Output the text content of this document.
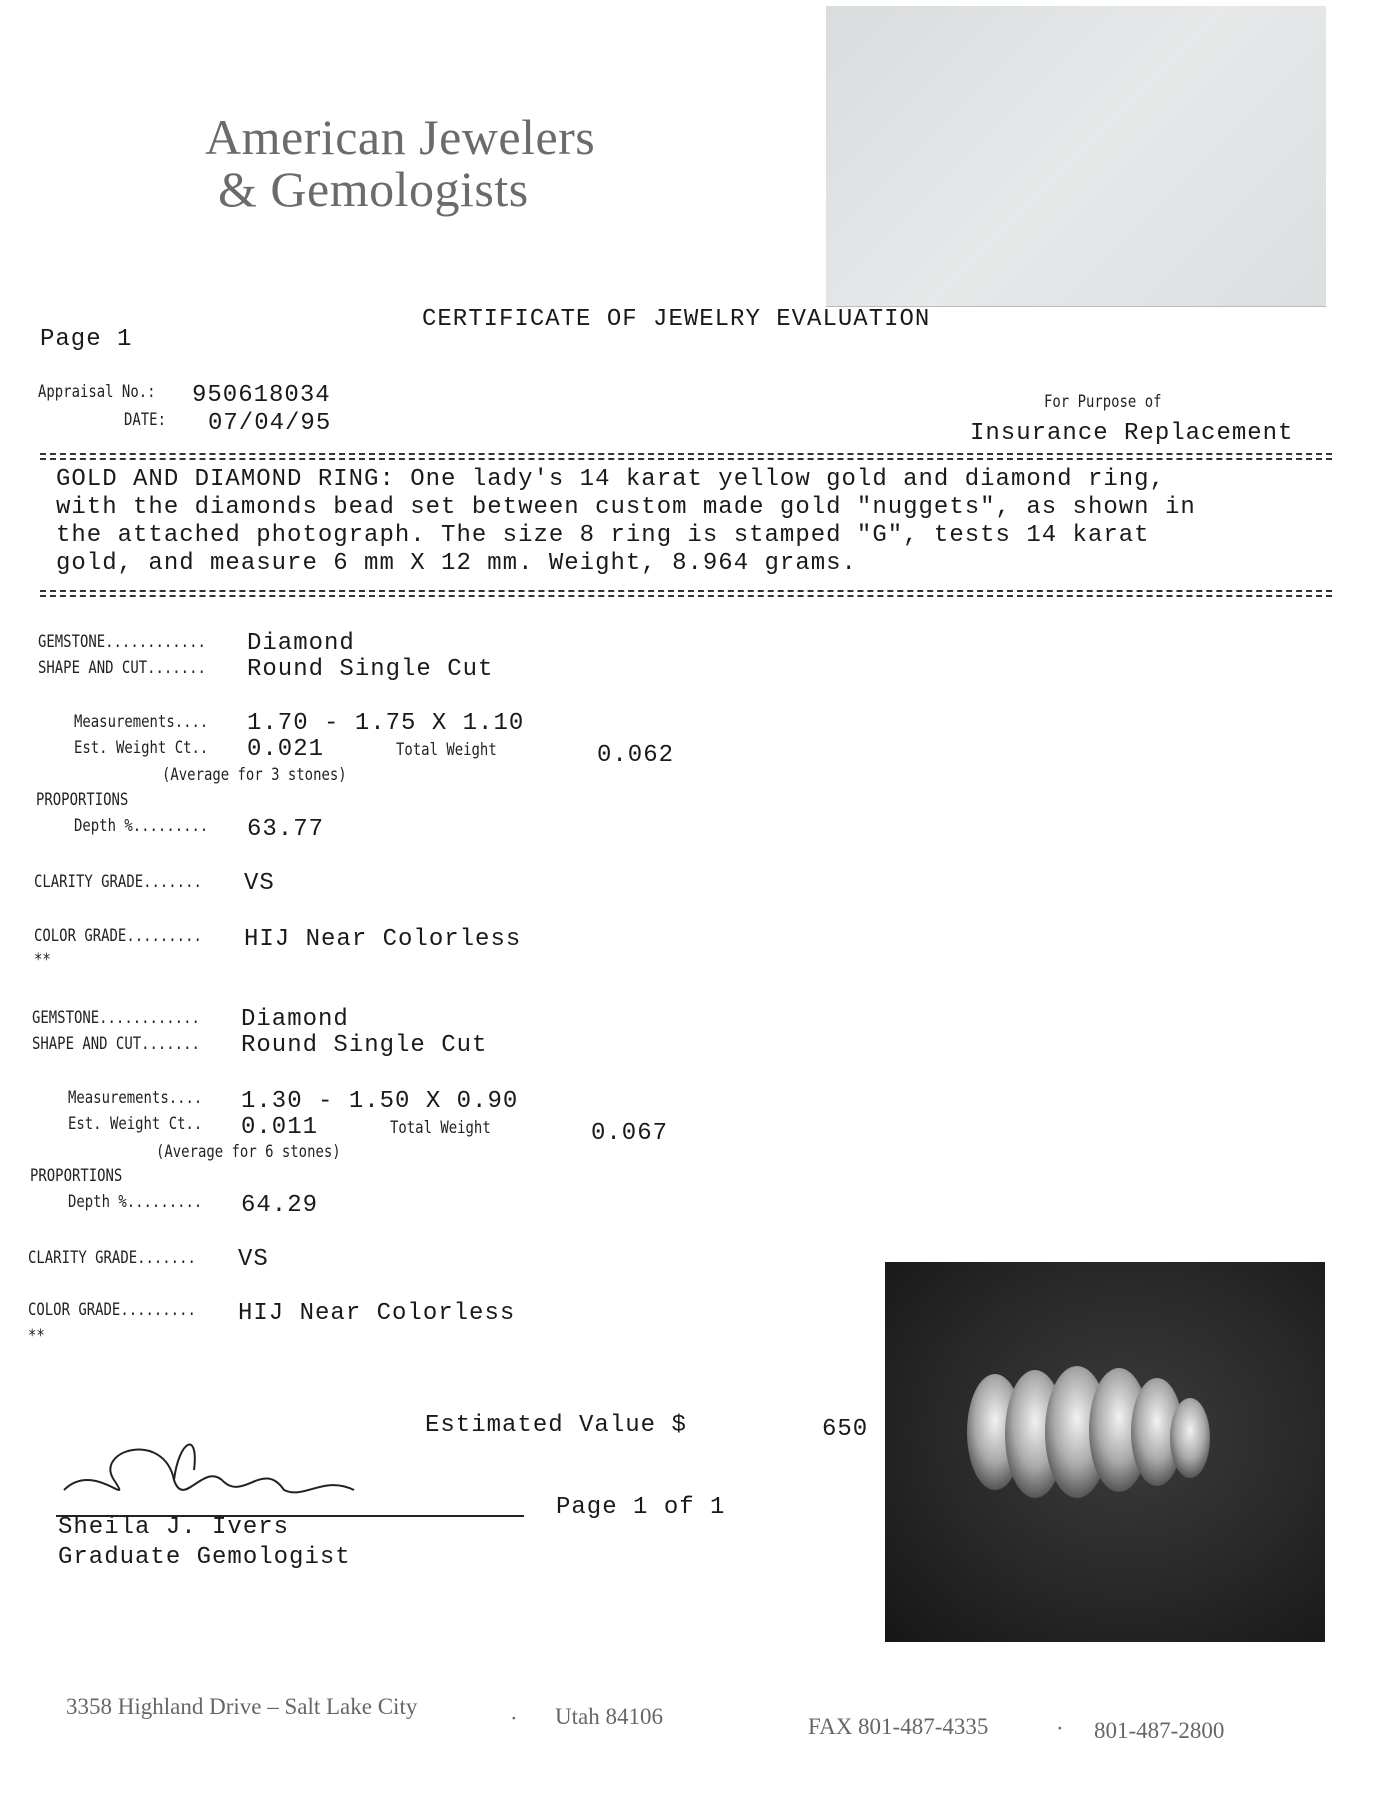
American Jewelers
& Gemologists
CERTIFICATE OF JEWELRY EVALUATION
Page 1
Appraisal No.: 950618034
DATE: 07/04/95
For Purpose of
Insurance Replacement
GOLD AND DIAMOND RING: One lady's 14 karat yellow gold and diamond ring,
with the diamonds bead set between custom made gold "nuggets", as shown in
the attached photograph. The size 8 ring is stamped "G", tests 14 karat
gold, and measure 6 mm X 12 mm. Weight, 8.964 grams.
GEMSTONE............ Diamond
SHAPE AND CUT....... Round Single Cut
Measurements.... 1.70 - 1.75 X 1.10
Est. Weight Ct.. 0.021	Total Weight	0.062
(Average for 3 stones)
PROPORTIONS
Depth %......... 63.77
CLARITY GRADE....... VS
COLOR GRADE......... HIJ Near Colorless
**
GEMSTONE............ Diamond
SHAPE AND CUT....... Round Single Cut
Measurements.... 1.30 - 1.50 X 0.90
Est. Weight Ct.. 0.011	Total Weight	0.067
(Average for 6 stones)
PROPORTIONS
Depth %......... 64.29
CLARITY GRADE....... VS
COLOR GRADE......... HIJ Near Colorless
**
Estimated Value $	650
Page 1 of 1
Sheila J. Ivers
Graduate Gemologist
3358 Highland Drive – Salt Lake City	· Utah 84106	FAX 801-487-4335	· 801-487-2800
